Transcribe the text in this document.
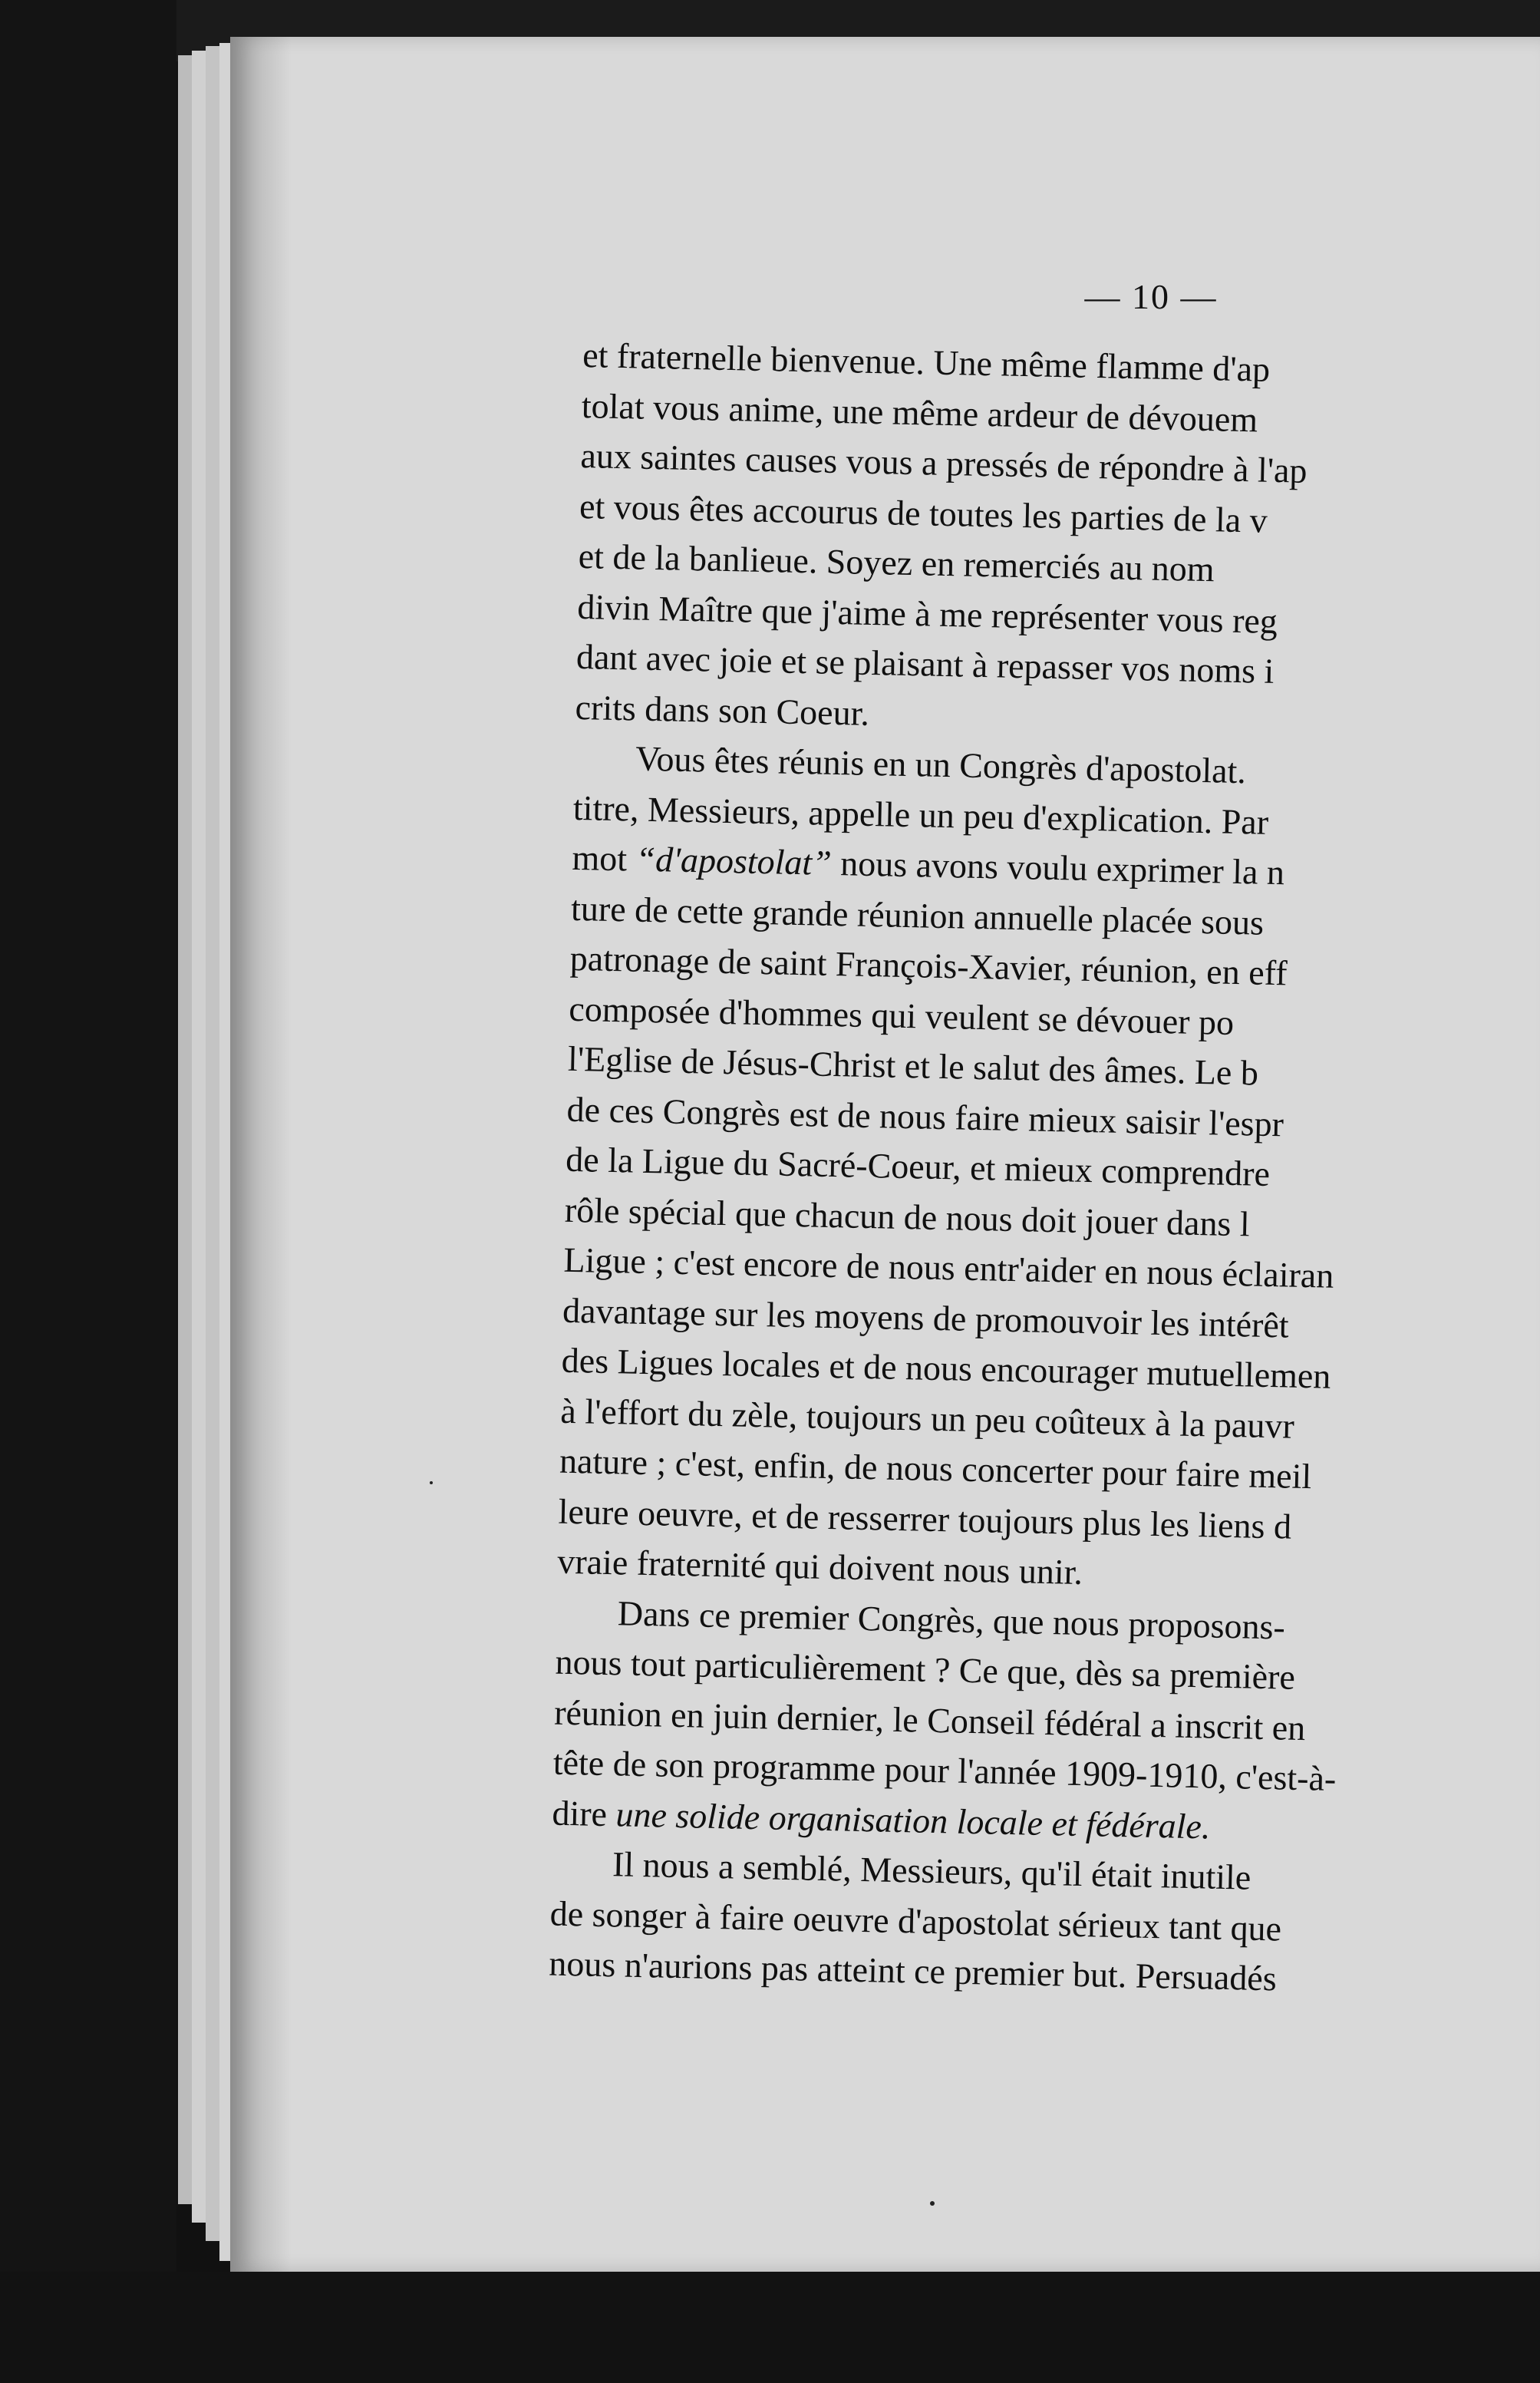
— 10 —
et fraternelle bienvenue. Une même flamme d'ap
tolat vous anime, une même ardeur de dévouem
aux saintes causes vous a pressés de répondre à l'ap
et vous êtes accourus de toutes les parties de la v
et de la banlieue. Soyez en remerciés au nom
divin Maître que j'aime à me représenter vous reg
dant avec joie et se plaisant à repasser vos noms i
crits dans son Coeur.
Vous êtes réunis en un Congrès d'apostolat.
titre, Messieurs, appelle un peu d'explication. Par
mot “d'apostolat” nous avons voulu exprimer la n
ture de cette grande réunion annuelle placée sous
patronage de saint François-Xavier, réunion, en eff
composée d'hommes qui veulent se dévouer po
l'Eglise de Jésus-Christ et le salut des âmes. Le b
de ces Congrès est de nous faire mieux saisir l'espr
de la Ligue du Sacré-Coeur, et mieux comprendre
rôle spécial que chacun de nous doit jouer dans l
Ligue ; c'est encore de nous entr'aider en nous éclairan
davantage sur les moyens de promouvoir les intérêt
des Ligues locales et de nous encourager mutuellemen
à l'effort du zèle, toujours un peu coûteux à la pauvr
nature ; c'est, enfin, de nous concerter pour faire meil
leure oeuvre, et de resserrer toujours plus les liens d
vraie fraternité qui doivent nous unir.
Dans ce premier Congrès, que nous proposons-
nous tout particulièrement ? Ce que, dès sa première
réunion en juin dernier, le Conseil fédéral a inscrit en
tête de son programme pour l'année 1909-1910, c'est-à-
dire une solide organisation locale et fédérale.
Il nous a semblé, Messieurs, qu'il était inutile
de songer à faire oeuvre d'apostolat sérieux tant que
nous n'aurions pas atteint ce premier but. Persuadés
